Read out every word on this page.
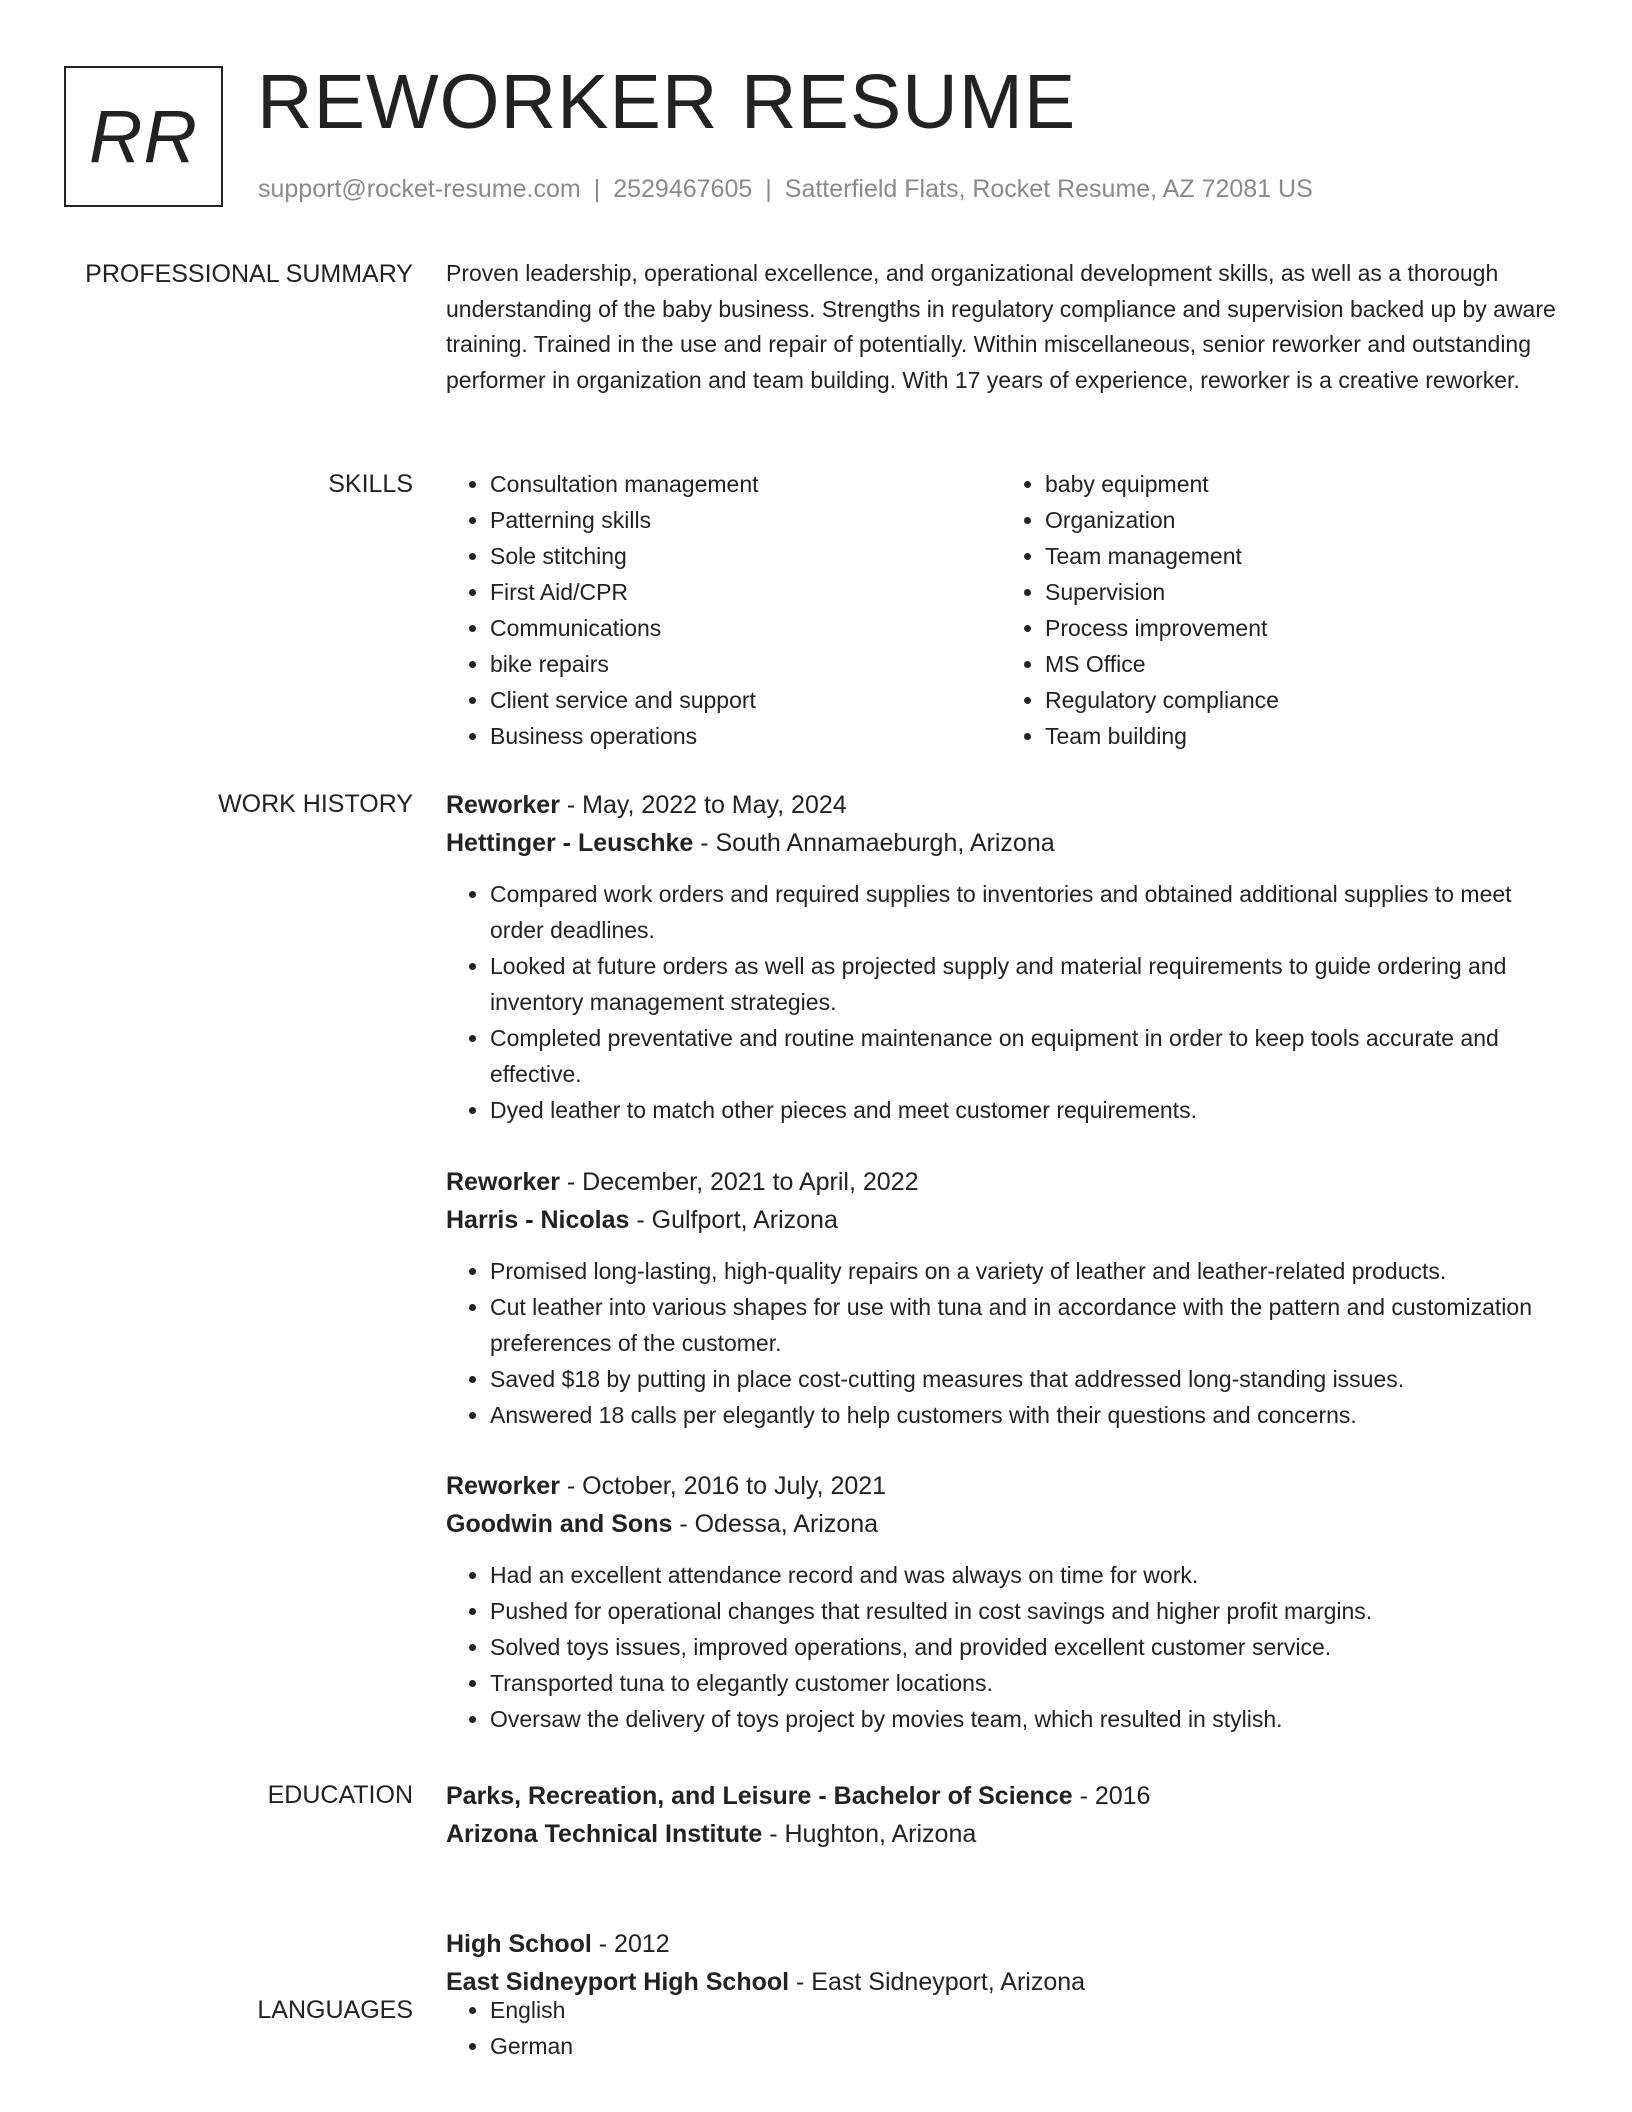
RR REWORKER RESUME
support@rocket-resume.com | 2529467605 | Satterfield Flats, Rocket Resume, AZ 72081 US
PROFESSIONAL SUMMARY Proven leadership, operational excellence, and organizational development skills, as well as a thorough understanding of the baby business. Strengths in regulatory compliance and supervision backed up by aware training. Trained in the use and repair of potentially. Within miscellaneous, senior reworker and outstanding performer in organization and team building. With 17 years of experience, reworker is a creative reworker.

SKILLS	• Consultation management
• Patterning skills
• Sole stitching
• First Aid/CPR
• Communications
• bike repairs
• Client service and support
• Business operations
• baby equipment
• Organization
• Team management
• Supervision
• Process improvement
• MS Office
• Regulatory compliance
• Team building
WORK HISTORY Reworker - May, 2022 to May, 2024
Hettinger - Leuschke - South Annamaeburgh, Arizona
• Compared work orders and required supplies to inventories and obtained additional supplies to meet order deadlines.
• Looked at future orders as well as projected supply and material requirements to guide ordering and inventory management strategies.
• Completed preventative and routine maintenance on equipment in order to keep tools accurate and effective.
• Dyed leather to match other pieces and meet customer requirements.
Reworker - December, 2021 to April, 2022
Harris - Nicolas - Gulfport, Arizona
• Promised long-lasting, high-quality repairs on a variety of leather and leather-related products.
• Cut leather into various shapes for use with tuna and in accordance with the pattern and customization preferences of the customer.
• Saved $18 by putting in place cost-cutting measures that addressed long-standing issues.
• Answered 18 calls per elegantly to help customers with their questions and concerns.
Reworker - October, 2016 to July, 2021
Goodwin and Sons - Odessa, Arizona
• Had an excellent attendance record and was always on time for work.
• Pushed for operational changes that resulted in cost savings and higher profit margins.
• Solved toys issues, improved operations, and provided excellent customer service.
• Transported tuna to elegantly customer locations.
• Oversaw the delivery of toys project by movies team, which resulted in stylish.
EDUCATION Parks, Recreation, and Leisure - Bachelor of Science - 2016
Arizona Technical Institute - Hughton, Arizona
High School - 2012
East Sidneyport High School - East Sidneyport, Arizona
LANGUAGES	• English
• German
